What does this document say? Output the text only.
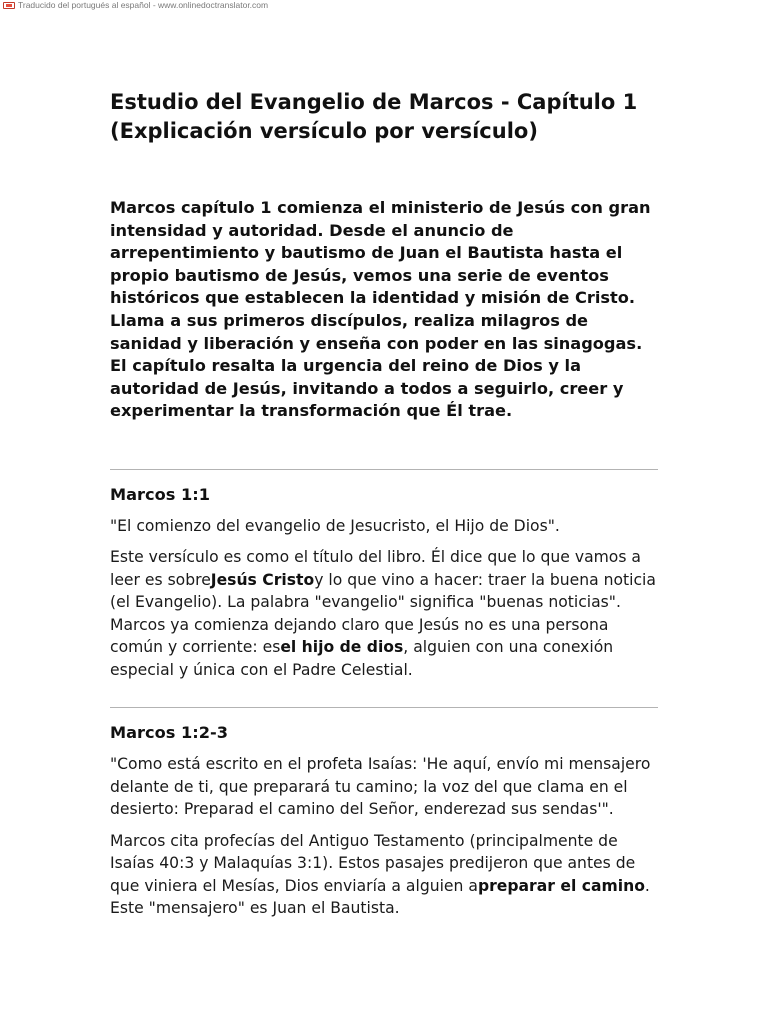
Traducido del portugués al español - www.onlinedoctranslator.com
Estudio del Evangelio de Marcos - Capítulo 1
(Explicación versículo por versículo)

Marcos capítulo 1 comienza el ministerio de Jesús con gran intensidad y autoridad. Desde el anuncio de arrepentimiento y bautismo de Juan el Bautista hasta el propio bautismo de Jesús, vemos una serie de eventos históricos que establecen la identidad y misión de Cristo. Llama a sus primeros discípulos, realiza milagros de sanidad y liberación y enseña con poder en las sinagogas. El capítulo resalta la urgencia del reino de Dios y la autoridad de Jesús, invitando a todos a seguirlo, creer y experimentar la transformación que Él trae.

Marcos 1:1

"El comienzo del evangelio de Jesucristo, el Hijo de Dios".

Este versículo es como el título del libro. Él dice que lo que vamos a leer es sobreJesús Cristoy lo que vino a hacer: traer la buena noticia (el Evangelio). La palabra "evangelio" significa "buenas noticias". Marcos ya comienza dejando claro que Jesús no es una persona común y corriente: esel hijo de dios, alguien con una conexión especial y única con el Padre Celestial.

Marcos 1:2-3

"Como está escrito en el profeta Isaías: 'He aquí, envío mi mensajero delante de ti, que preparará tu camino; la voz del que clama en el desierto: Preparad el camino del Señor, enderezad sus sendas'".

Marcos cita profecías del Antiguo Testamento (principalmente de Isaías 40:3 y Malaquías 3:1). Estos pasajes predijeron que antes de que viniera el Mesías, Dios enviaría a alguien apreparar el camino. Este "mensajero" es Juan el Bautista.
